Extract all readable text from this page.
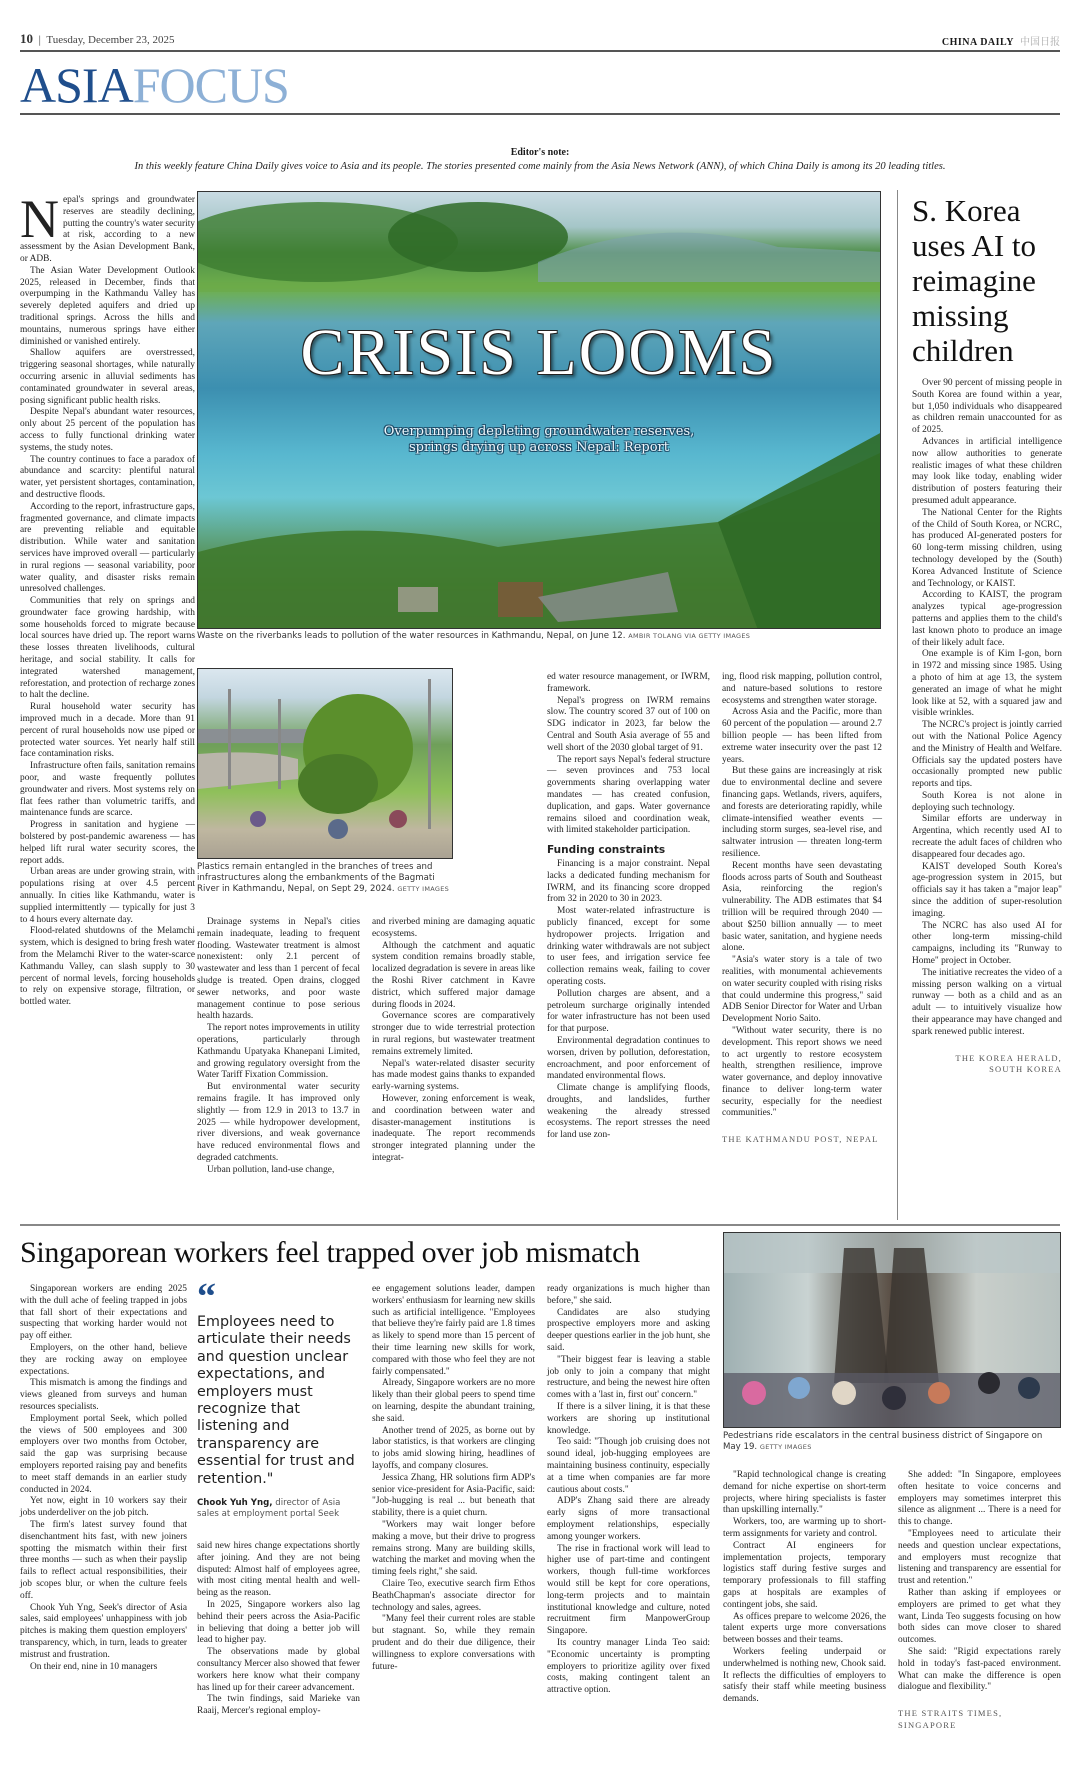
10 | Tuesday, December 23, 2025	CHINA DAILY 中国日报
ASIAFOCUS
Editor's note:
In this weekly feature China Daily gives voice to Asia and its people. The stories presented come mainly from the Asia News Network (ANN), of which China Daily is among its 20 leading titles.

Nepal's springs and groundwater reserves are steadily declining, putting the country's water security at risk, according to a new assessment by the Asian Development Bank, or ADB.

The Asian Water Development Outlook 2025, released in December, finds that overpumping in the Kathmandu Valley has severely depleted aquifers and dried up traditional springs. Across the hills and mountains, numerous springs have either diminished or vanished entirely.

Shallow aquifers are overstressed, triggering seasonal shortages, while naturally occurring arsenic in alluvial sediments has contaminated groundwater in several areas, posing significant public health risks.

Despite Nepal's abundant water resources, only about 25 percent of the population has access to fully functional drinking water systems, the study notes.

The country continues to face a paradox of abundance and scarcity: plentiful natural water, yet persistent shortages, contamination, and destructive floods.

According to the report, infrastructure gaps, fragmented governance, and climate impacts are preventing reliable and equitable distribution. While water and sanitation services have improved overall — particularly in rural regions — seasonal variability, poor water quality, and disaster risks remain unresolved challenges.

Communities that rely on springs and groundwater face growing hardship, with some households forced to migrate because local sources have dried up. The report warns these losses threaten livelihoods, cultural heritage, and social stability. It calls for integrated watershed management, reforestation, and protection of recharge zones to halt the decline.

Rural household water security has improved much in a decade. More than 91 percent of rural households now use piped or protected water sources. Yet nearly half still face contamination risks.

Infrastructure often fails, sanitation remains poor, and waste frequently pollutes groundwater and rivers. Most systems rely on flat fees rather than volumetric tariffs, and maintenance funds are scarce.

Progress in sanitation and hygiene — bolstered by post-pandemic awareness — has helped lift rural water security scores, the report adds.

Urban areas are under growing strain, with populations rising at over 4.5 percent annually. In cities like Kathmandu, water is supplied intermittently — typically for just 3 to 4 hours every alternate day.

Flood-related shutdowns of the Melamchi system, which is designed to bring fresh water from the Melamchi River to the water-scarce Kathmandu Valley, can slash supply to 30 percent of normal levels, forcing households to rely on expensive storage, filtration, or bottled water.

CRISIS LOOMS
Overpumping depleting groundwater reserves,
springs drying up across Nepal: Report
Waste on the riverbanks leads to pollution of the water resources in Kathmandu, Nepal, on June 12. AMBIR TOLANG VIA GETTY IMAGES
Plastics remain entangled in the branches of trees and infrastructures along the embankments of the Bagmati River in Kathmandu, Nepal, on Sept 29, 2024. GETTY IMAGES

Drainage systems in Nepal's cities remain inadequate, leading to frequent flooding. Wastewater treatment is almost nonexistent: only 2.1 percent of wastewater and less than 1 percent of fecal sludge is treated. Open drains, clogged sewer networks, and poor waste management continue to pose serious health hazards.

The report notes improvements in utility operations, particularly through Kathmandu Upatyaka Khanepani Limited, and growing regulatory oversight from the Water Tariff Fixation Commission.

But environmental water security remains fragile. It has improved only slightly — from 12.9 in 2013 to 13.7 in 2025 — while hydropower development, river diversions, and weak governance have reduced environmental flows and degraded catchments.

Urban pollution, land-use change,

and riverbed mining are damaging aquatic ecosystems.

Although the catchment and aquatic system condition remains broadly stable, localized degradation is severe in areas like the Roshi River catchment in Kavre district, which suffered major damage during floods in 2024.

Governance scores are comparatively stronger due to wide terrestrial protection in rural regions, but wastewater treatment remains extremely limited.

Nepal's water-related disaster security has made modest gains thanks to expanded early-warning systems.

However, zoning enforcement is weak, and coordination between water and disaster-management institutions is inadequate. The report recommends stronger integrated planning under the integrat-

ed water resource management, or IWRM, framework.

Nepal's progress on IWRM remains slow. The country scored 37 out of 100 on SDG indicator in 2023, far below the Central and South Asia average of 55 and well short of the 2030 global target of 91.

The report says Nepal's federal structure — seven provinces and 753 local governments sharing overlapping water mandates — has created confusion, duplication, and gaps. Water governance remains siloed and coordination weak, with limited stakeholder participation.

Funding constraints

Financing is a major constraint. Nepal lacks a dedicated funding mechanism for IWRM, and its financing score dropped from 32 in 2020 to 30 in 2023.

Most water-related infrastructure is publicly financed, except for some hydropower projects. Irrigation and drinking water withdrawals are not subject to user fees, and irrigation service fee collection remains weak, failing to cover operating costs.

Pollution charges are absent, and a petroleum surcharge originally intended for water infrastructure has not been used for that purpose.

Environmental degradation continues to worsen, driven by pollution, deforestation, encroachment, and poor enforcement of mandated environmental flows.

Climate change is amplifying floods, droughts, and landslides, further weakening the already stressed ecosystems. The report stresses the need for land use zon-

ing, flood risk mapping, pollution control, and nature-based solutions to restore ecosystems and strengthen water storage.

Across Asia and the Pacific, more than 60 percent of the population — around 2.7 billion people — has been lifted from extreme water insecurity over the past 12 years.

But these gains are increasingly at risk due to environmental decline and severe financing gaps. Wetlands, rivers, aquifers, and forests are deteriorating rapidly, while climate-intensified weather events — including storm surges, sea-level rise, and saltwater intrusion — threaten long-term resilience.

Recent months have seen devastating floods across parts of South and Southeast Asia, reinforcing the region's vulnerability. The ADB estimates that $4 trillion will be required through 2040 — about $250 billion annually — to meet basic water, sanitation, and hygiene needs alone.

"Asia's water story is a tale of two realities, with monumental achievements on water security coupled with rising risks that could undermine this progress," said ADB Senior Director for Water and Urban Development Norio Saito.

"Without water security, there is no development. This report shows we need to act urgently to restore ecosystem health, strengthen resilience, improve water governance, and deploy innovative finance to deliver long-term water security, especially for the neediest communities."

THE KATHMANDU POST, NEPAL

S. Korea uses AI to reimagine missing children

Over 90 percent of missing people in South Korea are found within a year, but 1,050 individuals who disappeared as children remain unaccounted for as of 2025.

Advances in artificial intelligence now allow authorities to generate realistic images of what these children may look like today, enabling wider distribution of posters featuring their presumed adult appearance.

The National Center for the Rights of the Child of South Korea, or NCRC, has produced AI-generated posters for 60 long-term missing children, using technology developed by the (South) Korea Advanced Institute of Science and Technology, or KAIST.

According to KAIST, the program analyzes typical age-progression patterns and applies them to the child's last known photo to produce an image of their likely adult face.

One example is of Kim I-gon, born in 1972 and missing since 1985. Using a photo of him at age 13, the system generated an image of what he might look like at 52, with a squared jaw and visible wrinkles.

The NCRC's project is jointly carried out with the National Police Agency and the Ministry of Health and Welfare. Officials say the updated posters have occasionally prompted new public reports and tips.

South Korea is not alone in deploying such technology.

Similar efforts are underway in Argentina, which recently used AI to recreate the adult faces of children who disappeared four decades ago.

KAIST developed South Korea's age-progression system in 2015, but officials say it has taken a "major leap" since the addition of super-resolution imaging.

The NCRC has also used AI for other long-term missing-child campaigns, including its "Runway to Home" project in October.

The initiative recreates the video of a missing person walking on a virtual runway — both as a child and as an adult — to intuitively visualize how their appearance may have changed and spark renewed public interest.

THE KOREA HERALD,
SOUTH KOREA

Singaporean workers feel trapped over job mismatch

Singaporean workers are ending 2025 with the dull ache of feeling trapped in jobs that fall short of their expectations and suspecting that working harder would not pay off either.

Employers, on the other hand, believe they are rocking away on employee expectations.

This mismatch is among the findings and views gleaned from surveys and human resources specialists.

Employment portal Seek, which polled the views of 500 employees and 300 employers over two months from October, said the gap was surprising because employers reported raising pay and benefits to meet staff demands in an earlier study conducted in 2024.

Yet now, eight in 10 workers say their jobs underdeliver on the job pitch.

The firm's latest survey found that disenchantment hits fast, with new joiners spotting the mismatch within their first three months — such as when their payslip fails to reflect actual responsibilities, their job scopes blur, or when the culture feels off.

Chook Yuh Yng, Seek's director of Asia sales, said employees' unhappiness with job pitches is making them question employers' transparency, which, in turn, leads to greater mistrust and frustration.

On their end, nine in 10 managers

“
Employees need to articulate their needs and question unclear expectations, and employers must recognize that listening and transparency are essential for trust and retention."
Chook Yuh Yng, director of Asia sales at employment portal Seek

said new hires change expectations shortly after joining. And they are not being disputed: Almost half of employees agree, with most citing mental health and well-being as the reason.

In 2025, Singapore workers also lag behind their peers across the Asia-Pacific in believing that doing a better job will lead to higher pay.

The observations made by global consultancy Mercer also showed that fewer workers here know what their company has lined up for their career advancement.

The twin findings, said Marieke van Raaij, Mercer's regional employ-

ee engagement solutions leader, dampen workers' enthusiasm for learning new skills such as artificial intelligence. "Employees that believe they're fairly paid are 1.8 times as likely to spend more than 15 percent of their time learning new skills for work, compared with those who feel they are not fairly compensated."

Already, Singapore workers are no more likely than their global peers to spend time on learning, despite the abundant training, she said.

Another trend of 2025, as borne out by labor statistics, is that workers are clinging to jobs amid slowing hiring, headlines of layoffs, and company closures.

Jessica Zhang, HR solutions firm ADP's senior vice-president for Asia-Pacific, said: "Job-hugging is real ... but beneath that stability, there is a quiet churn.

"Workers may wait longer before making a move, but their drive to progress remains strong. Many are building skills, watching the market and moving when the timing feels right," she said.

Claire Teo, executive search firm Ethos BeathChapman's associate director for technology and sales, agrees.

"Many feel their current roles are stable but stagnant. So, while they remain prudent and do their due diligence, their willingness to explore conversations with future-

ready organizations is much higher than before," she said.

Candidates are also studying prospective employers more and asking deeper questions earlier in the job hunt, she said.

"Their biggest fear is leaving a stable job only to join a company that might restructure, and being the newest hire often comes with a 'last in, first out' concern."

If there is a silver lining, it is that these workers are shoring up institutional knowledge.

Teo said: "Though job cruising does not sound ideal, job-hugging employees are maintaining business continuity, especially at a time when companies are far more cautious about costs."

ADP's Zhang said there are already early signs of more transactional employment relationships, especially among younger workers.

The rise in fractional work will lead to higher use of part-time and contingent workers, though full-time workforces would still be kept for core operations, long-term projects and to maintain institutional knowledge and culture, noted recruitment firm ManpowerGroup Singapore.

Its country manager Linda Teo said: "Economic uncertainty is prompting employers to prioritize agility over fixed costs, making contingent talent an attractive option.

Pedestrians ride escalators in the central business district of Singapore on May 19. GETTY IMAGES

"Rapid technological change is creating demand for niche expertise on short-term projects, where hiring specialists is faster than upskilling internally."

Workers, too, are warming up to short-term assignments for variety and control.

Contract AI engineers for implementation projects, temporary logistics staff during festive surges and temporary professionals to fill staffing gaps at hospitals are examples of contingent jobs, she said.

As offices prepare to welcome 2026, the talent experts urge more conversations between bosses and their teams.

Workers feeling underpaid or underwhelmed is nothing new, Chook said. It reflects the difficulties of employers to satisfy their staff while meeting business demands.

She added: "In Singapore, employees often hesitate to voice concerns and employers may sometimes interpret this silence as alignment ... There is a need for this to change.

"Employees need to articulate their needs and question unclear expectations, and employers must recognize that listening and transparency are essential for trust and retention."

Rather than asking if employees or employers are primed to get what they want, Linda Teo suggests focusing on how both sides can move closer to shared outcomes.

She said: "Rigid expectations rarely hold in today's fast-paced environment. What can make the difference is open dialogue and flexibility."

THE STRAITS TIMES, SINGAPORE
